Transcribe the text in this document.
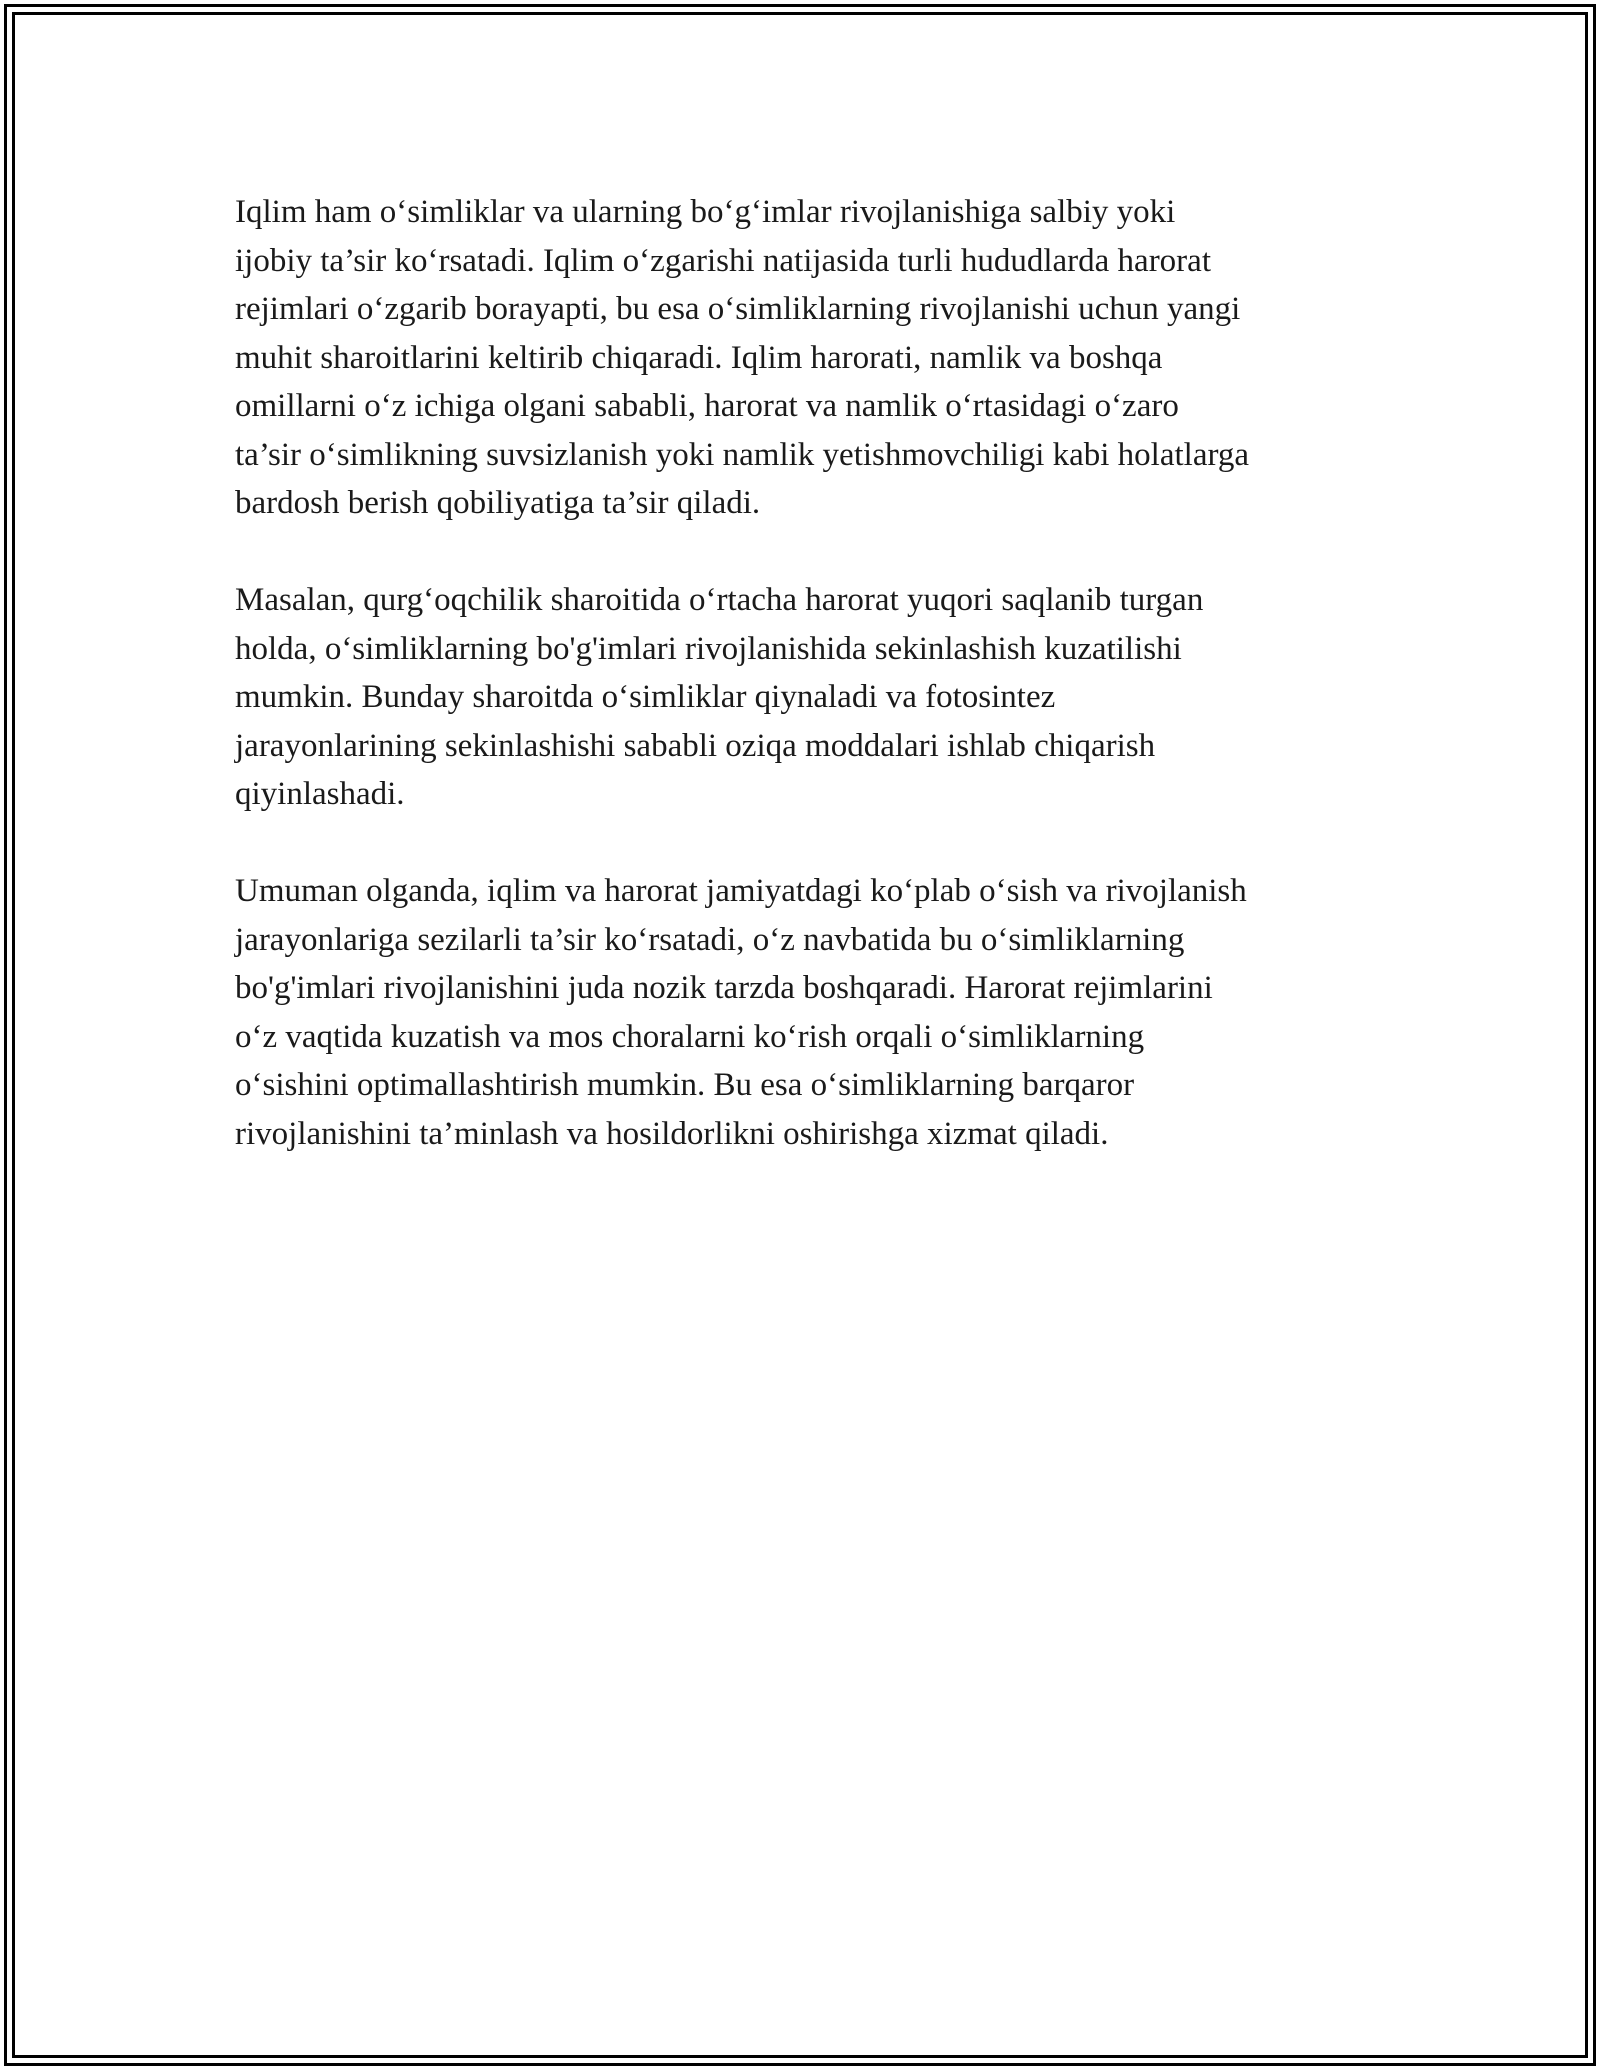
Iqlim ham o‘simliklar va ularning bo‘g‘imlar rivojlanishiga salbiy yoki
ijobiy ta’sir ko‘rsatadi. Iqlim o‘zgarishi natijasida turli hududlarda harorat
rejimlari o‘zgarib borayapti, bu esa o‘simliklarning rivojlanishi uchun yangi
muhit sharoitlarini keltirib chiqaradi. Iqlim harorati, namlik va boshqa
omillarni o‘z ichiga olgani sababli, harorat va namlik o‘rtasidagi o‘zaro
ta’sir o‘simlikning suvsizlanish yoki namlik yetishmovchiligi kabi holatlarga
bardosh berish qobiliyatiga ta’sir qiladi.

Masalan, qurg‘oqchilik sharoitida o‘rtacha harorat yuqori saqlanib turgan
holda, o‘simliklarning bo'g'imlari rivojlanishida sekinlashish kuzatilishi
mumkin. Bunday sharoitda o‘simliklar qiynaladi va fotosintez
jarayonlarining sekinlashishi sababli oziqa moddalari ishlab chiqarish
qiyinlashadi.

Umuman olganda, iqlim va harorat jamiyatdagi ko‘plab o‘sish va rivojlanish
jarayonlariga sezilarli ta’sir ko‘rsatadi, o‘z navbatida bu o‘simliklarning
bo'g'imlari rivojlanishini juda nozik tarzda boshqaradi. Harorat rejimlarini
o‘z vaqtida kuzatish va mos choralarni ko‘rish orqali o‘simliklarning
o‘sishini optimallashtirish mumkin. Bu esa o‘simliklarning barqaror
rivojlanishini ta’minlash va hosildorlikni oshirishga xizmat qiladi.
